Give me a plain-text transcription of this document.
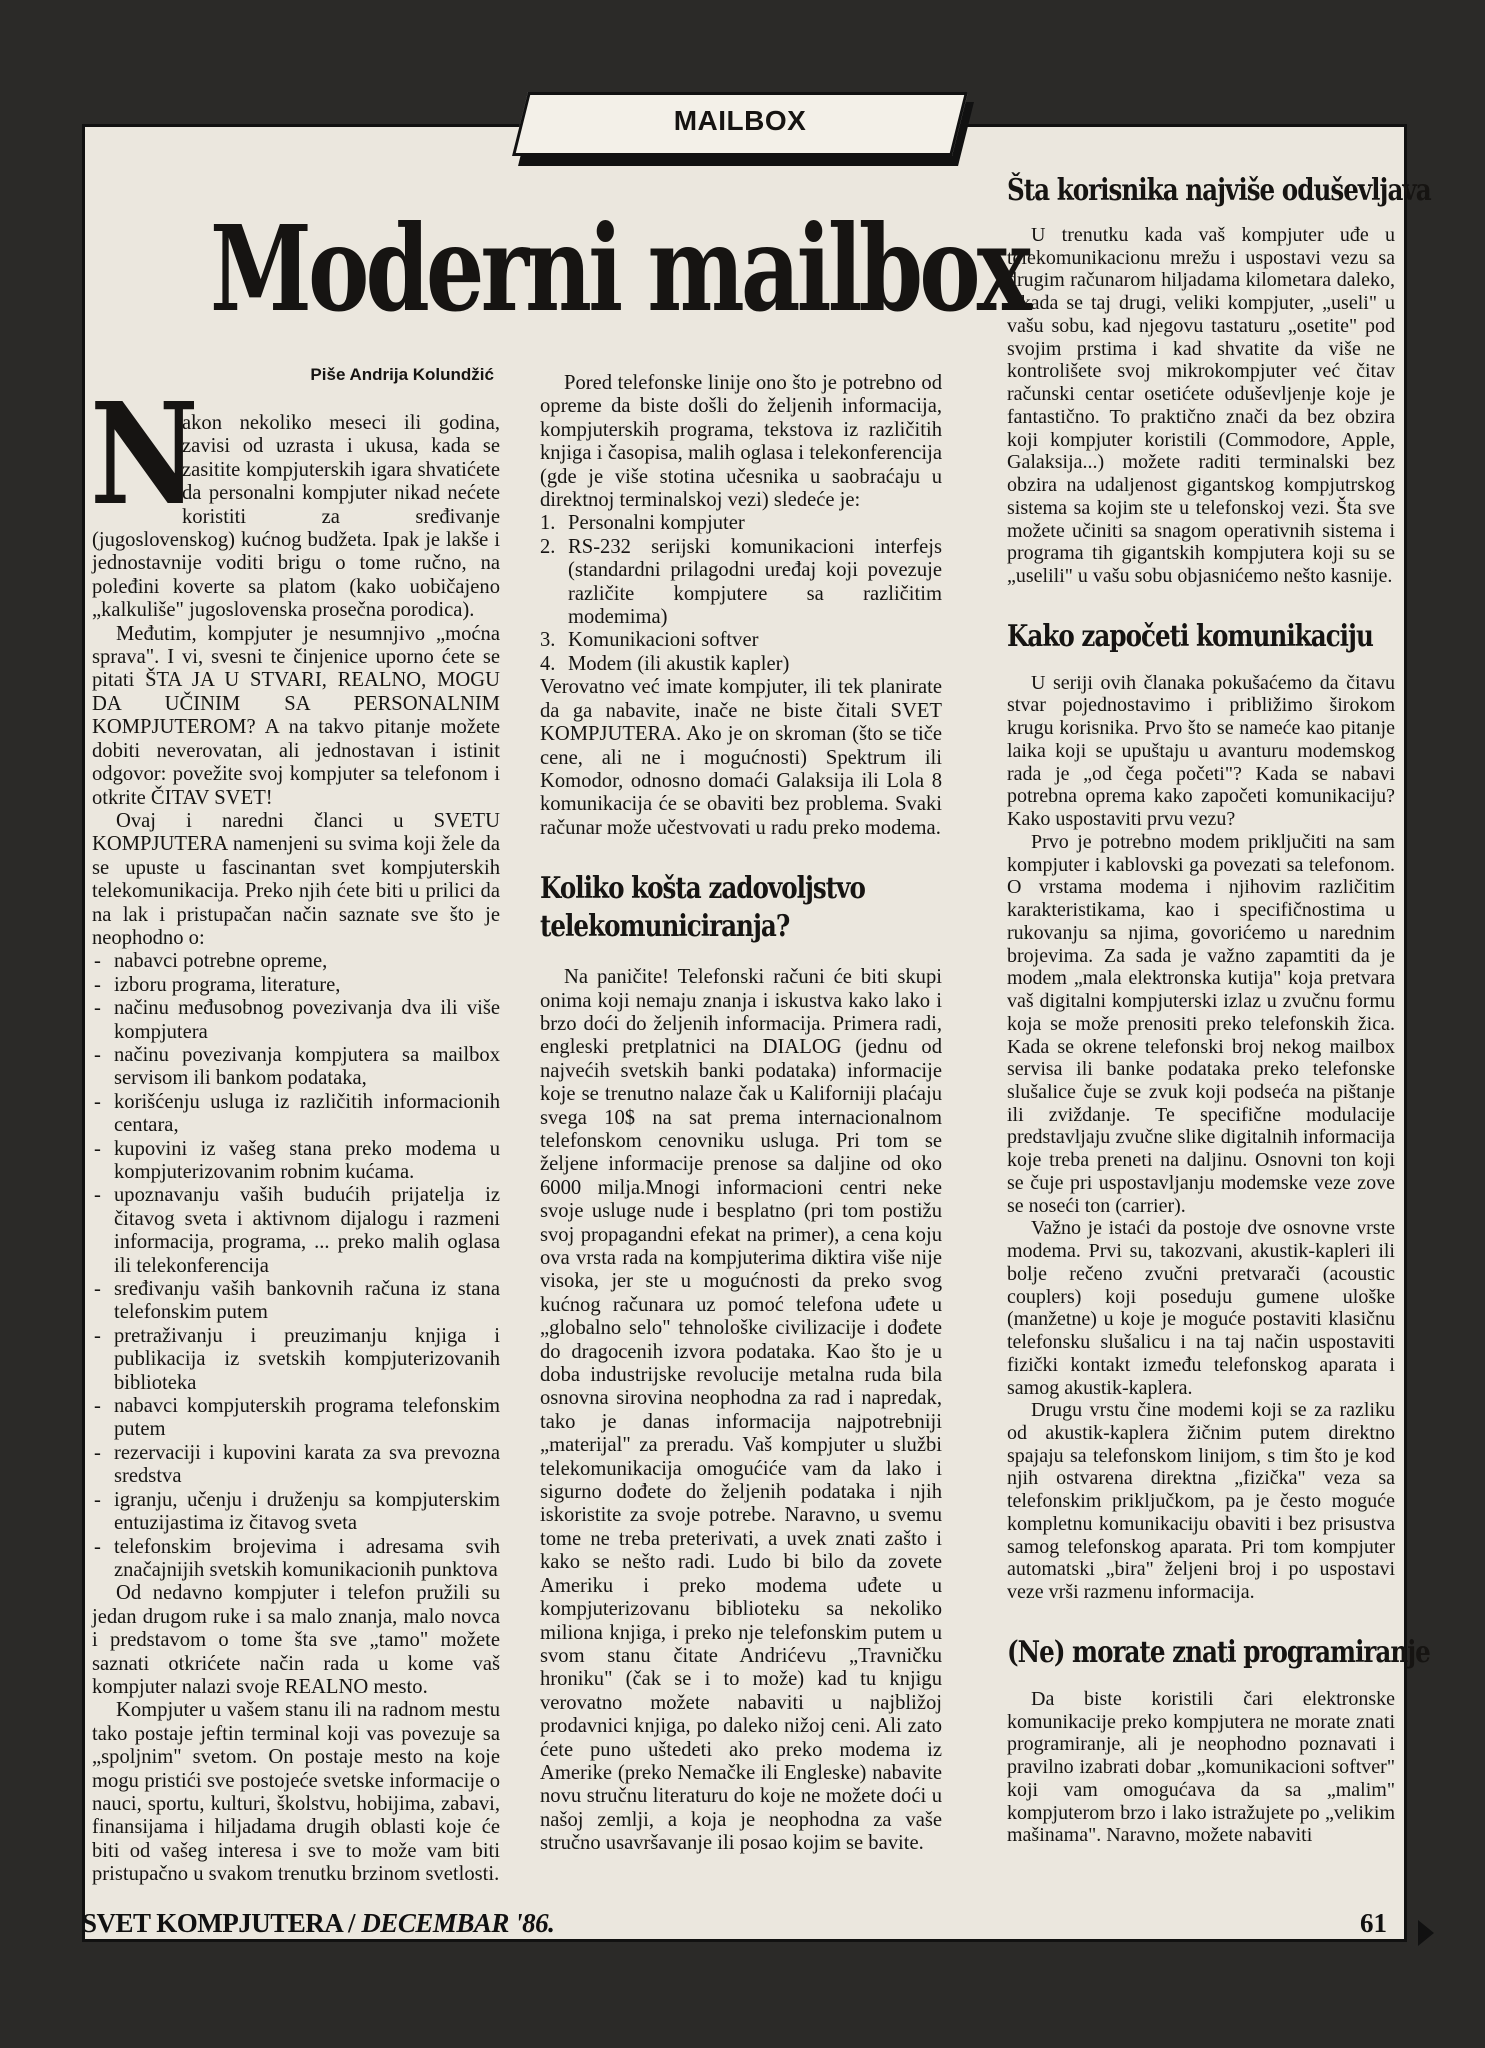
MAILBOX
Moderni mailbox
Piše Andrija Kolundžić
N

akon nekoliko meseci ili godina, zavisi od uzrasta i ukusa, kada se zasitite kompjuterskih igara shvatićete da personalni kompjuter nikad nećete koristiti za sređivanje (jugoslovenskog) kućnog budžeta. Ipak je lakše i jednostavnije voditi brigu o tome ručno, na poleđini koverte sa platom (kako uobičajeno „kalkuliše" jugoslovenska prosečna porodica).

Međutim, kompjuter je nesumnjivo „moćna sprava". I vi, svesni te činjenice uporno ćete se pitati ŠTA JA U STVARI, REALNO, MOGU DA UČINIM SA PERSONALNIM KOMPJUTEROM? A na takvo pitanje možete dobiti neverovatan, ali jednostavan i istinit odgovor: povežite svoj kompjuter sa telefonom i otkrite ČITAV SVET!

Ovaj i naredni članci u SVETU KOMPJUTERA namenjeni su svima koji žele da se upuste u fascinantan svet kompjuterskih telekomunikacija. Preko njih ćete biti u prilici da na lak i pristupačan način saznate sve što je neophodno o:

- nabavci potrebne opreme,
- izboru programa, literature,
- načinu međusobnog povezivanja dva ili više kompjutera
- načinu povezivanja kompjutera sa mailbox servisom ili bankom podataka,
- korišćenju usluga iz različitih informacionih centara,
- kupovini iz vašeg stana preko modema u kompjuterizovanim robnim kućama.
- upoznavanju vaših budućih prijatelja iz čitavog sveta i aktivnom dijalogu i razmeni informacija, programa, ... preko malih oglasa ili telekonferencija
- sređivanju vaših bankovnih računa iz stana telefonskim putem
- pretraživanju i preuzimanju knjiga i publikacija iz svetskih kompjuterizovanih biblioteka
- nabavci kompjuterskih programa telefonskim putem
- rezervaciji i kupovini karata za sva prevozna sredstva
- igranju, učenju i druženju sa kompjuterskim entuzijastima iz čitavog sveta
- telefonskim brojevima i adresama svih značajnijih svetskih komunikacionih punktova

Od nedavno kompjuter i telefon pružili su jedan drugom ruke i sa malo znanja, malo novca i predstavom o tome šta sve „tamo" možete saznati otkrićete način rada u kome vaš kompjuter nalazi svoje REALNO mesto.

Kompjuter u vašem stanu ili na radnom mestu tako postaje jeftin terminal koji vas povezuje sa „spoljnim" svetom. On postaje mesto na koje mogu pristići sve postojeće svetske informacije o nauci, sportu, kulturi, školstvu, hobijima, zabavi, finansijama i hiljadama drugih oblasti koje će biti od vašeg interesa i sve to može vam biti pristupačno u svakom trenutku brzinom svetlosti.

Pored telefonske linije ono što je potrebno od opreme da biste došli do željenih informacija, kompjuterskih programa, tekstova iz različitih knjiga i časopisa, malih oglasa i telekonferencija (gde je više stotina učesnika u saobraćaju u direktnoj terminalskoj vezi) sledeće je:

1. Personalni kompjuter
2. RS-232 serijski komunikacioni interfejs (standardni prilagodni uređaj koji povezuje različite kompjutere sa različitim modemima)
3. Komunikacioni softver
4. Modem (ili akustik kapler)

Verovatno već imate kompjuter, ili tek planirate da ga nabavite, inače ne biste čitali SVET KOMPJUTERA. Ako je on skroman (što se tiče cene, ali ne i mogućnosti) Spektrum ili Komodor, odnosno domaći Galaksija ili Lola 8 komunikacija će se obaviti bez problema. Svaki računar može učestvovati u radu preko modema.

Koliko košta zadovoljstvo telekomuniciranja?

Na paničite! Telefonski računi će biti skupi onima koji nemaju znanja i iskustva kako lako i brzo doći do željenih informacija. Primera radi, engleski pretplatnici na DIALOG (jednu od najvećih svetskih banki podataka) informacije koje se trenutno nalaze čak u Kaliforniji plaćaju svega 10$ na sat prema internacionalnom telefonskom cenovniku usluga. Pri tom se željene informacije prenose sa daljine od oko 6000 milja.Mnogi informacioni centri neke svoje usluge nude i besplatno (pri tom postižu svoj propagandni efekat na primer), a cena koju ova vrsta rada na kompjuterima diktira više nije visoka, jer ste u mogućnosti da preko svog kućnog računara uz pomoć telefona uđete u „globalno selo" tehnološke civilizacije i dođete do dragocenih izvora podataka. Kao što je u doba industrijske revolucije metalna ruda bila osnovna sirovina neophodna za rad i napredak, tako je danas informacija najpotrebniji „materijal" za preradu. Vaš kompjuter u službi telekomunikacija omogućiće vam da lako i sigurno dođete do željenih podataka i njih iskoristite za svoje potrebe. Naravno, u svemu tome ne treba preterivati, a uvek znati zašto i kako se nešto radi. Ludo bi bilo da zovete Ameriku i preko modema uđete u kompjuterizovanu biblioteku sa nekoliko miliona knjiga, i preko nje telefonskim putem u svom stanu čitate Andrićevu „Travničku hroniku" (čak se i to može) kad tu knjigu verovatno možete nabaviti u najbližoj prodavnici knjiga, po daleko nižoj ceni. Ali zato ćete puno uštedeti ako preko modema iz Amerike (preko Nemačke ili Engleske) nabavite novu stručnu literaturu do koje ne možete doći u našoj zemlji, a koja je neophodna za vaše stručno usavršavanje ili posao kojim se bavite.

Šta korisnika najviše oduševljava

U trenutku kada vaš kompjuter uđe u telekomunikacionu mrežu i uspostavi vezu sa drugim računarom hiljadama kilometara daleko, i kada se taj drugi, veliki kompjuter, „useli" u vašu sobu, kad njegovu tastaturu „osetite" pod svojim prstima i kad shvatite da više ne kontrolišete svoj mikrokompjuter već čitav računski centar osetićete oduševljenje koje je fantastično. To praktično znači da bez obzira koji kompjuter koristili (Commodore, Apple, Galaksija...) možete raditi terminalski bez obzira na udaljenost gigantskog kompjutrskog sistema sa kojim ste u telefonskoj vezi. Šta sve možete učiniti sa snagom operativnih sistema i programa tih gigantskih kompjutera koji su se „uselili" u vašu sobu objasnićemo nešto kasnije.

Kako započeti komunikaciju

U seriji ovih članaka pokušaćemo da čitavu stvar pojednostavimo i približimo širokom krugu korisnika. Prvo što se nameće kao pitanje laika koji se upuštaju u avanturu modemskog rada je „od čega početi"? Kada se nabavi potrebna oprema kako započeti komunikaciju? Kako uspostaviti prvu vezu?

Prvo je potrebno modem priključiti na sam kompjuter i kablovski ga povezati sa telefonom. O vrstama modema i njihovim različitim karakteristikama, kao i specifičnostima u rukovanju sa njima, govorićemo u narednim brojevima. Za sada je važno zapamtiti da je modem „mala elektronska kutija" koja pretvara vaš digitalni kompjuterski izlaz u zvučnu formu koja se može prenositi preko telefonskih žica. Kada se okrene telefonski broj nekog mailbox servisa ili banke podataka preko telefonske slušalice čuje se zvuk koji podseća na pištanje ili zviždanje. Te specifične modulacije predstavljaju zvučne slike digitalnih informacija koje treba preneti na daljinu. Osnovni ton koji se čuje pri uspostavljanju modemske veze zove se noseći ton (carrier).

Važno je istaći da postoje dve osnovne vrste modema. Prvi su, takozvani, akustik-kapleri ili bolje rečeno zvučni pretvarači (acoustic couplers) koji poseduju gumene uloške (manžetne) u koje je moguće postaviti klasičnu telefonsku slušalicu i na taj način uspostaviti fizički kontakt između telefonskog aparata i samog akustik-kaplera.

Drugu vrstu čine modemi koji se za razliku od akustik-kaplera žičnim putem direktno spajaju sa telefonskom linijom, s tim što je kod njih ostvarena direktna „fizička" veza sa telefonskim priključkom, pa je često moguće kompletnu komunikaciju obaviti i bez prisustva samog telefonskog aparata. Pri tom kompjuter automatski „bira" željeni broj i po uspostavi veze vrši razmenu informacija.

(Ne) morate znati programiranje

Da biste koristili čari elektronske komunikacije preko kompjutera ne morate znati programiranje, ali je neophodno poznavati i pravilno izabrati dobar „komunikacioni softver" koji vam omogućava da sa „malim" kompjuterom brzo i lako istražujete po „velikim mašinama". Naravno, možete nabaviti

SVET KOMPJUTERA / DECEMBAR '86.	61
